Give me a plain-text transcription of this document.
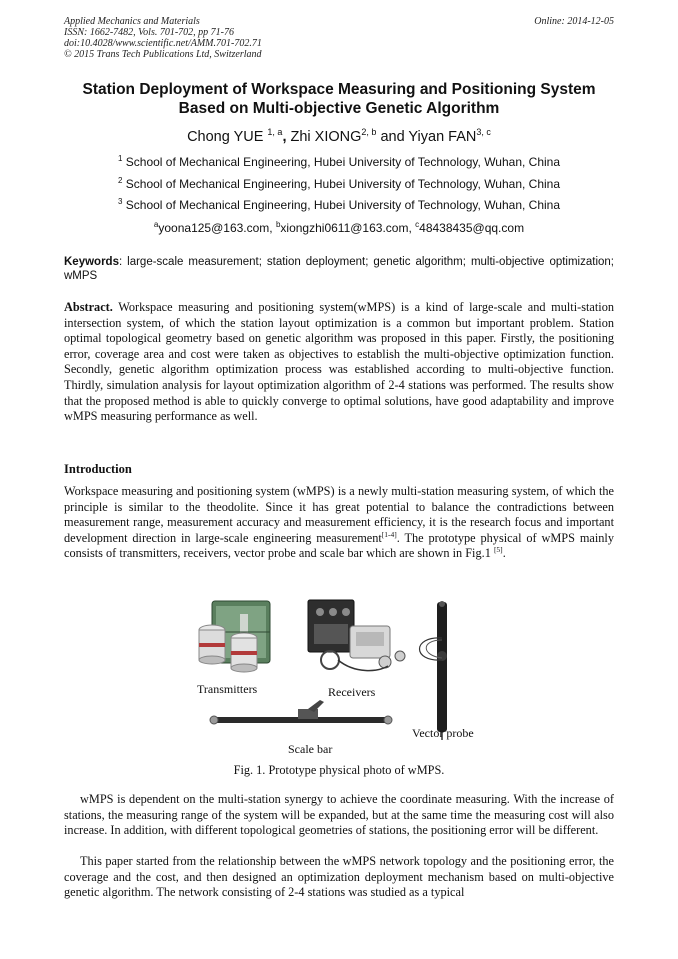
Applied Mechanics and Materials
ISSN: 1662-7482, Vols. 701-702, pp 71-76
doi:10.4028/www.scientific.net/AMM.701-702.71
© 2015 Trans Tech Publications Ltd, Switzerland
Online: 2014-12-05
Station Deployment of Workspace Measuring and Positioning System
Based on Multi-objective Genetic Algorithm
Chong YUE $^{1, a}$, Zhi XIONG$^{2, b}$ and Yiyan FAN$^{3, c}$
$^1$ School of Mechanical Engineering, Hubei University of Technology, Wuhan, China
$^2$ School of Mechanical Engineering, Hubei University of Technology, Wuhan, China
$^3$ School of Mechanical Engineering, Hubei University of Technology, Wuhan, China
$^a$yoona125@163.com, $^b$xiongzhi0611@163.com, $^c$48438435@qq.com
Keywords: large-scale measurement; station deployment; genetic algorithm; multi-objective optimization; wMPS
Abstract. Workspace measuring and positioning system(wMPS) is a kind of large-scale and multi-station intersection system, of which the station layout optimization is a common but important problem. Station optimal topological geometry based on genetic algorithm was proposed in this paper. Firstly, the positioning error, coverage area and cost were taken as objectives to establish the multi-objective optimization function. Secondly, genetic algorithm optimization process was established according to multi-objective function. Thirdly, simulation analysis for layout optimization algorithm of 2-4 stations was performed. The results show that the proposed method is able to quickly converge to optimal solutions, have good adaptability and improve wMPS measuring performance as well.
Introduction
Workspace measuring and positioning system (wMPS) is a newly multi-station measuring system, of which the principle is similar to the theodolite. Since it has great potential to balance the contradictions between measurement range, measurement accuracy and measurement efficiency, it is the research focus and important development direction in large-scale engineering measurement[1-4]. The prototype physical of wMPS mainly consists of transmitters, receivers, vector probe and scale bar which are shown in Fig.1 [5].
Transmitters	Receivers
Vector probe
Scale bar
Fig. 1. Prototype physical photo of wMPS.
wMPS is dependent on the multi-station synergy to achieve the coordinate measuring. With the increase of stations, the measuring range of the system will be expanded, but at the same time the measuring cost will also increase. In addition, with different topological geometries of stations, the positioning error will be different.
This paper started from the relationship between the wMPS network topology and the positioning error, the coverage and the cost, and then designed an optimization deployment mechanism based on multi-objective genetic algorithm. The network consisting of 2-4 stations was studied as a typical
